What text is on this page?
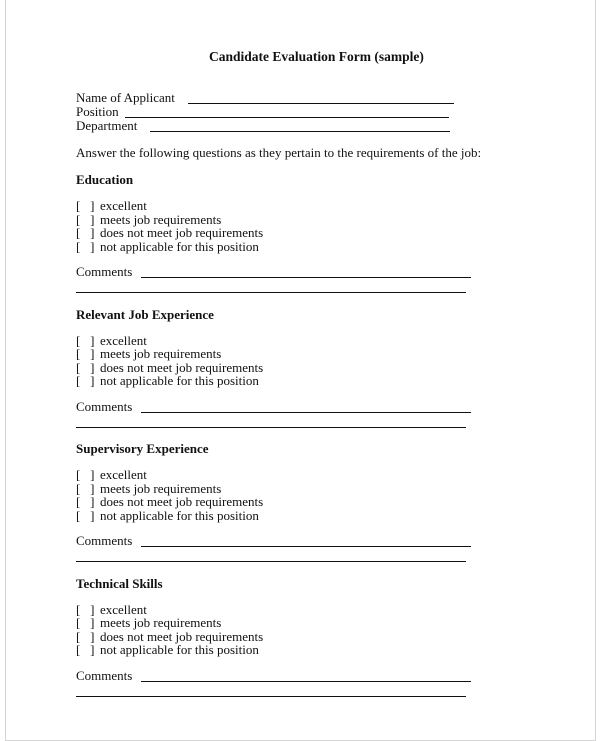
Candidate Evaluation Form (sample)
Name of Applicant
Position
Department
Answer the following questions as they pertain to the requirements of the job:
Education
[   ] excellent
[   ] meets job requirements
[   ] does not meet job requirements
[   ] not applicable for this position
Comments
Relevant Job Experience
[   ] excellent
[   ] meets job requirements
[   ] does not meet job requirements
[   ] not applicable for this position
Comments
Supervisory Experience
[   ] excellent
[   ] meets job requirements
[   ] does not meet job requirements
[   ] not applicable for this position
Comments
Technical Skills
[   ] excellent
[   ] meets job requirements
[   ] does not meet job requirements
[   ] not applicable for this position
Comments
